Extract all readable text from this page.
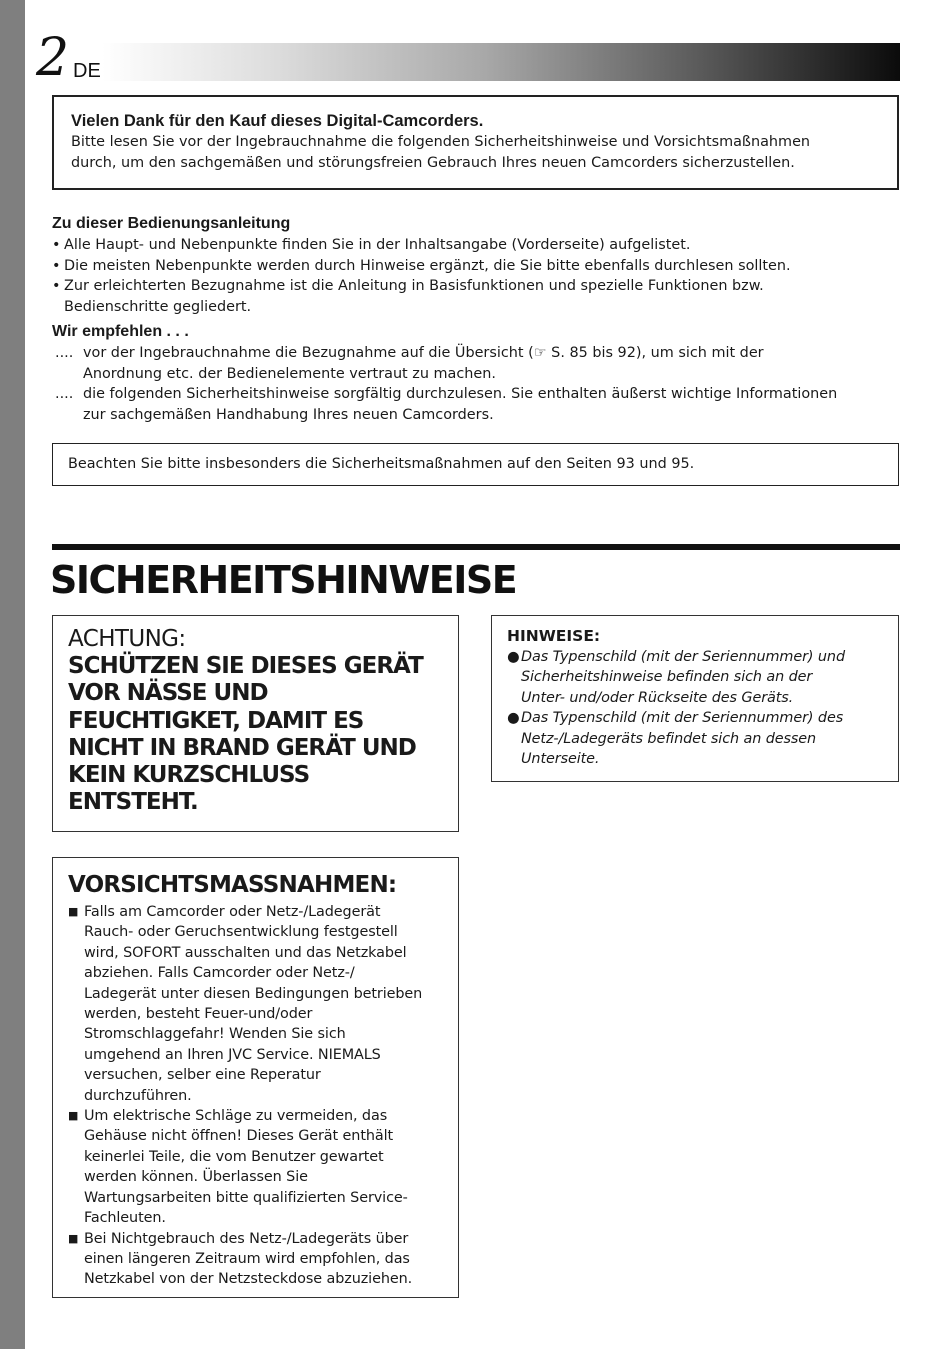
2 DE
Vielen Dank für den Kauf dieses Digital-Camcorders.
Bitte lesen Sie vor der Ingebrauchnahme die folgenden Sicherheitshinweise und Vorsichtsmaßnahmen
durch, um den sachgemäßen und störungsfreien Gebrauch Ihres neuen Camcorders sicherzustellen.
Zu dieser Bedienungsanleitung
• Alle Haupt- und Nebenpunkte finden Sie in der Inhaltsangabe (Vorderseite) aufgelistet.
• Die meisten Nebenpunkte werden durch Hinweise ergänzt, die Sie bitte ebenfalls durchlesen sollten.
• Zur erleichterten Bezugnahme ist die Anleitung in Basisfunktionen und spezielle Funktionen bzw.
Bedienschritte gegliedert.
Wir empfehlen . . .
.... vor der Ingebrauchnahme die Bezugnahme auf die Übersicht (☞ S. 85 bis 92), um sich mit der
Anordnung etc. der Bedienelemente vertraut zu machen.
.... die folgenden Sicherheitshinweise sorgfältig durchzulesen. Sie enthalten äußerst wichtige Informationen
zur sachgemäßen Handhabung Ihres neuen Camcorders.
Beachten Sie bitte insbesonders die Sicherheitsmaßnahmen auf den Seiten 93 und 95.
SICHERHEITSHINWEISE
ACHTUNG:
SCHÜTZEN SIE DIESES GERÄT
VOR NÄSSE UND
FEUCHTIGKET, DAMIT ES
NICHT IN BRAND GERÄT UND
KEIN KURZSCHLUSS
ENTSTEHT.
HINWEISE:
● Das Typenschild (mit der Seriennummer) und
Sicherheitshinweise befinden sich an der
Unter- und/oder Rückseite des Geräts.
● Das Typenschild (mit der Seriennummer) des
Netz-/Ladegeräts befindet sich an dessen
Unterseite.
VORSICHTSMASSNAHMEN:
■ Falls am Camcorder oder Netz-/Ladegerät
Rauch- oder Geruchsentwicklung festgestell
wird, SOFORT ausschalten und das Netzkabel
abziehen. Falls Camcorder oder Netz-/
Ladegerät unter diesen Bedingungen betrieben
werden, besteht Feuer-und/oder
Stromschlaggefahr! Wenden Sie sich
umgehend an Ihren JVC Service. NIEMALS
versuchen, selber eine Reperatur
durchzuführen.
■ Um elektrische Schläge zu vermeiden, das
Gehäuse nicht öffnen! Dieses Gerät enthält
keinerlei Teile, die vom Benutzer gewartet
werden können. Überlassen Sie
Wartungsarbeiten bitte qualifizierten Service-
Fachleuten.
■ Bei Nichtgebrauch des Netz-/Ladegeräts über
einen längeren Zeitraum wird empfohlen, das
Netzkabel von der Netzsteckdose abzuziehen.
